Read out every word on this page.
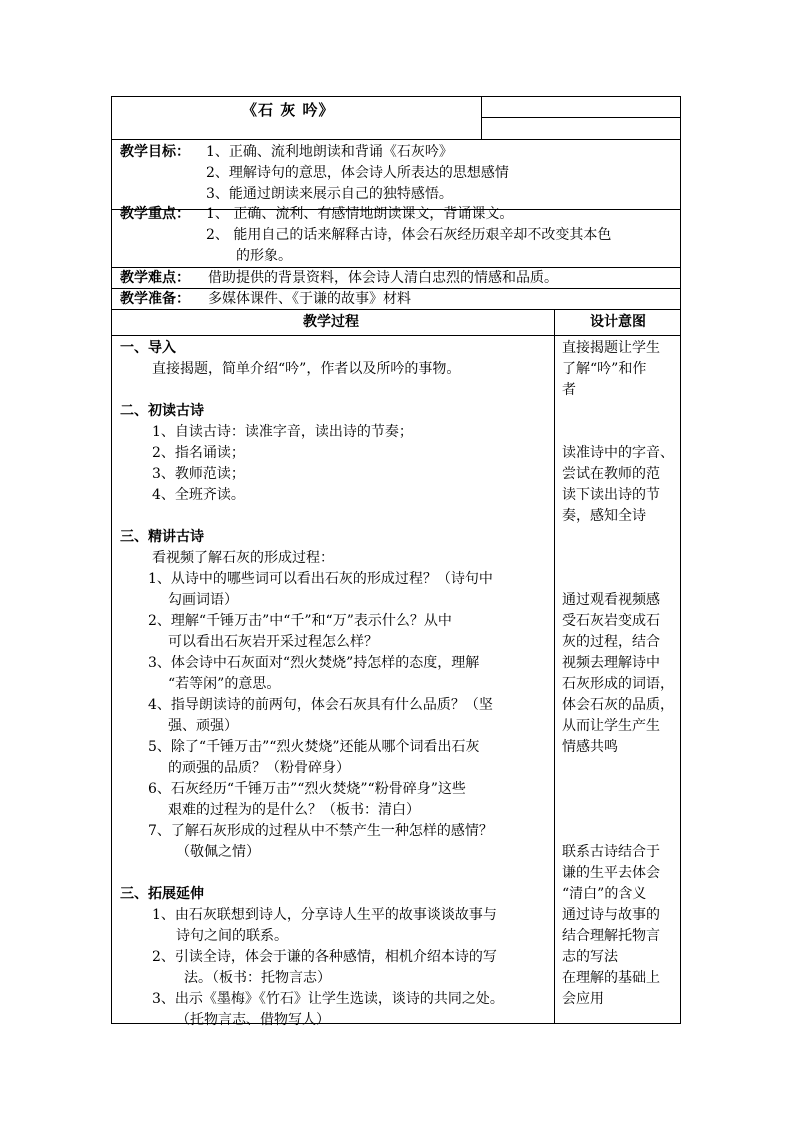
《石 灰 吟》
教学目标： 1、正确、流利地朗读和背诵《石灰吟》
2、理解诗句的意思，体会诗人所表达的思想感情
3、能通过朗读来展示自己的独特感悟。
教学重点： 1、 正确、流利、有感情地朗读课文，背诵课文。
2、 能用自己的话来解释古诗，体会石灰经历艰辛却不改变其本色
的形象。
教学难点： 借助提供的背景资料，体会诗人清白忠烈的情感和品质。
教学准备： 多媒体课件、《于谦的故事》材料
教学过程	设计意图
一、导入
直接揭题，简单介绍“吟”，作者以及所吟的事物。
二、初读古诗
1、自读古诗：读准字音，读出诗的节奏；
2、指名诵读；
3、教师范读；
4、全班齐读。
三、精讲古诗
看视频了解石灰的形成过程：
1、从诗中的哪些词可以看出石灰的形成过程？（诗句中
勾画词语）
2、理解“千锤万击”中“千”和“万”表示什么？从中
可以看出石灰岩开采过程怎么样？
3、体会诗中石灰面对“烈火焚烧”持怎样的态度，理解
“若等闲”的意思。
4、指导朗读诗的前两句，体会石灰具有什么品质？（坚
强、顽强）
5、除了“千锤万击”“烈火焚烧”还能从哪个词看出石灰
的顽强的品质？（粉骨碎身）
6、石灰经历“千锤万击”“烈火焚烧”“粉骨碎身”这些
艰难的过程为的是什么？（板书：清白）
7、了解石灰形成的过程从中不禁产生一种怎样的感情？
（敬佩之情）
三、拓展延伸
1、由石灰联想到诗人，分享诗人生平的故事谈谈故事与
诗句之间的联系。
2、引读全诗，体会于谦的各种感情，相机介绍本诗的写
法。（板书：托物言志）
3、出示《墨梅》《竹石》让学生选读，谈诗的共同之处。
（托物言志、借物写人）
直接揭题让学生
了解“吟”和作
者
读准诗中的字音、
尝试在教师的范
读下读出诗的节
奏，感知全诗
通过观看视频感
受石灰岩变成石
灰的过程，结合
视频去理解诗中
石灰形成的词语，
体会石灰的品质，
从而让学生产生
情感共鸣
联系古诗结合于
谦的生平去体会
“清白”的含义
通过诗与故事的
结合理解托物言
志的写法
在理解的基础上
会应用
